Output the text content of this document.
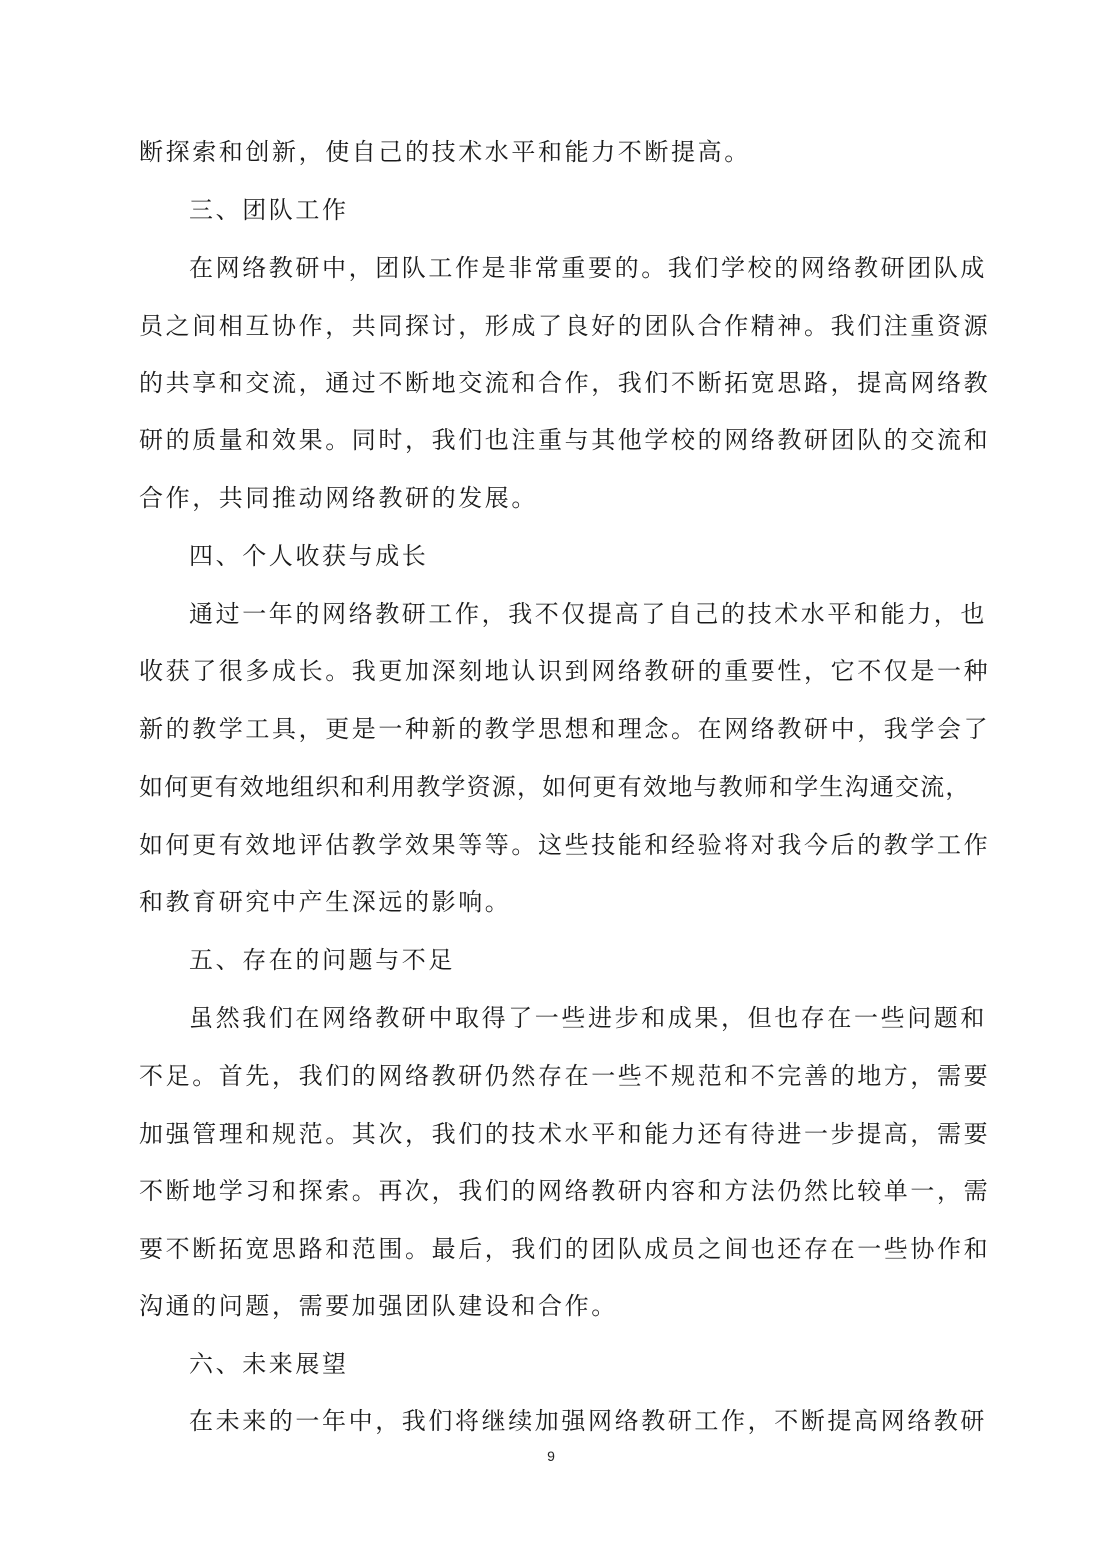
断探索和创新，使自己的技术水平和能力不断提高。
三、团队工作
在网络教研中，团队工作是非常重要的。我们学校的网络教研团队成
员之间相互协作，共同探讨，形成了良好的团队合作精神。我们注重资源
的共享和交流，通过不断地交流和合作，我们不断拓宽思路，提高网络教
研的质量和效果。同时，我们也注重与其他学校的网络教研团队的交流和
合作，共同推动网络教研的发展。
四、个人收获与成长
通过一年的网络教研工作，我不仅提高了自己的技术水平和能力，也
收获了很多成长。我更加深刻地认识到网络教研的重要性，它不仅是一种
新的教学工具，更是一种新的教学思想和理念。在网络教研中，我学会了
如何更有效地组织和利用教学资源，如何更有效地与教师和学生沟通交流，
如何更有效地评估教学效果等等。这些技能和经验将对我今后的教学工作
和教育研究中产生深远的影响。
五、存在的问题与不足
虽然我们在网络教研中取得了一些进步和成果，但也存在一些问题和
不足。首先，我们的网络教研仍然存在一些不规范和不完善的地方，需要
加强管理和规范。其次，我们的技术水平和能力还有待进一步提高，需要
不断地学习和探索。再次，我们的网络教研内容和方法仍然比较单一，需
要不断拓宽思路和范围。最后，我们的团队成员之间也还存在一些协作和
沟通的问题，需要加强团队建设和合作。
六、未来展望
在未来的一年中，我们将继续加强网络教研工作，不断提高网络教研
9
